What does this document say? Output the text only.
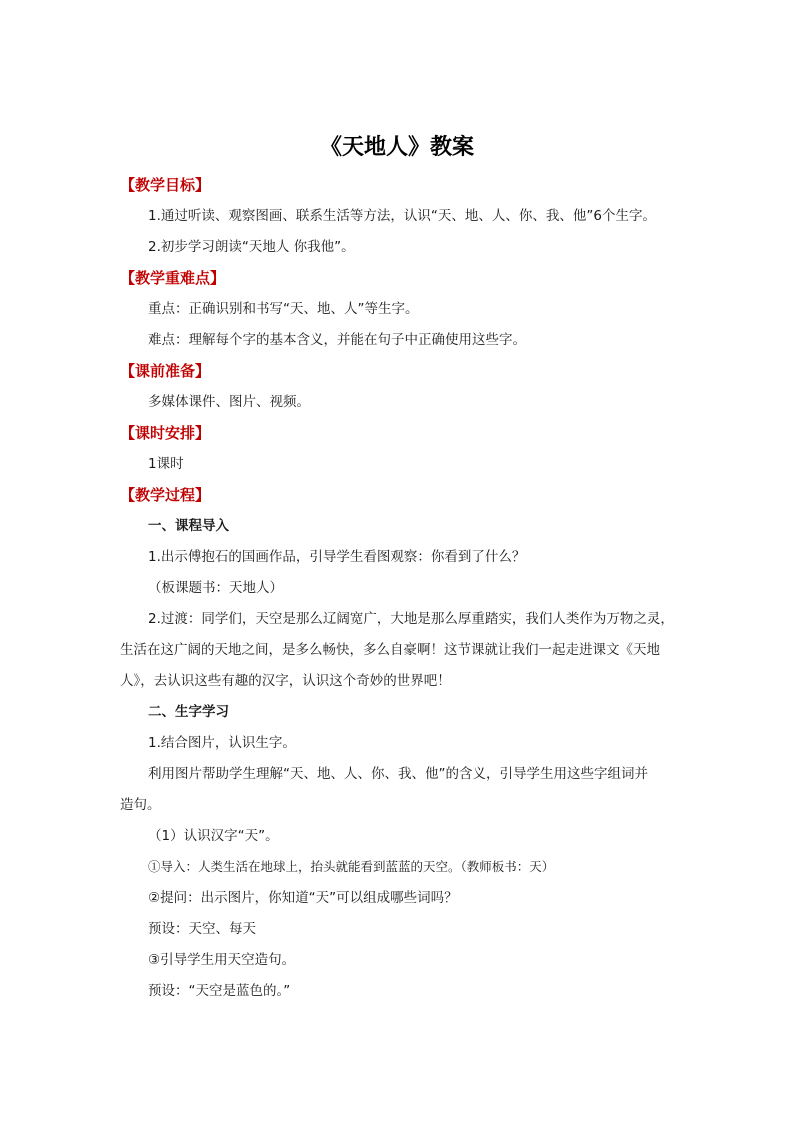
《天地人》教案
【教学目标】
1.通过听读、观察图画、联系生活等方法，认识“天、地、人、你、我、他”6个生字。
2.初步学习朗读“天地人 你我他”。
【教学重难点】
重点：正确识别和书写“天、地、人”等生字。
难点：理解每个字的基本含义，并能在句子中正确使用这些字。
【课前准备】
多媒体课件、图片、视频。
【课时安排】
1课时
【教学过程】
一、课程导入
1.出示傅抱石的国画作品，引导学生看图观察：你看到了什么？
（板课题书：天地人）
2.过渡：同学们，天空是那么辽阔宽广，大地是那么厚重踏实，我们人类作为万物之灵，
生活在这广阔的天地之间，是多么畅快，多么自豪啊！这节课就让我们一起走进课文《天地
人》，去认识这些有趣的汉字，认识这个奇妙的世界吧！
二、生字学习
1.结合图片，认识生字。
利用图片帮助学生理解“天、地、人、你、我、他”的含义，引导学生用这些字组词并
造句。
（1）认识汉字“天”。
①导入：人类生活在地球上，抬头就能看到蓝蓝的天空。（教师板书：天）
②提问：出示图片，你知道“天”可以组成哪些词吗？
预设：天空、每天
③引导学生用天空造句。
预设：“天空是蓝色的。”
